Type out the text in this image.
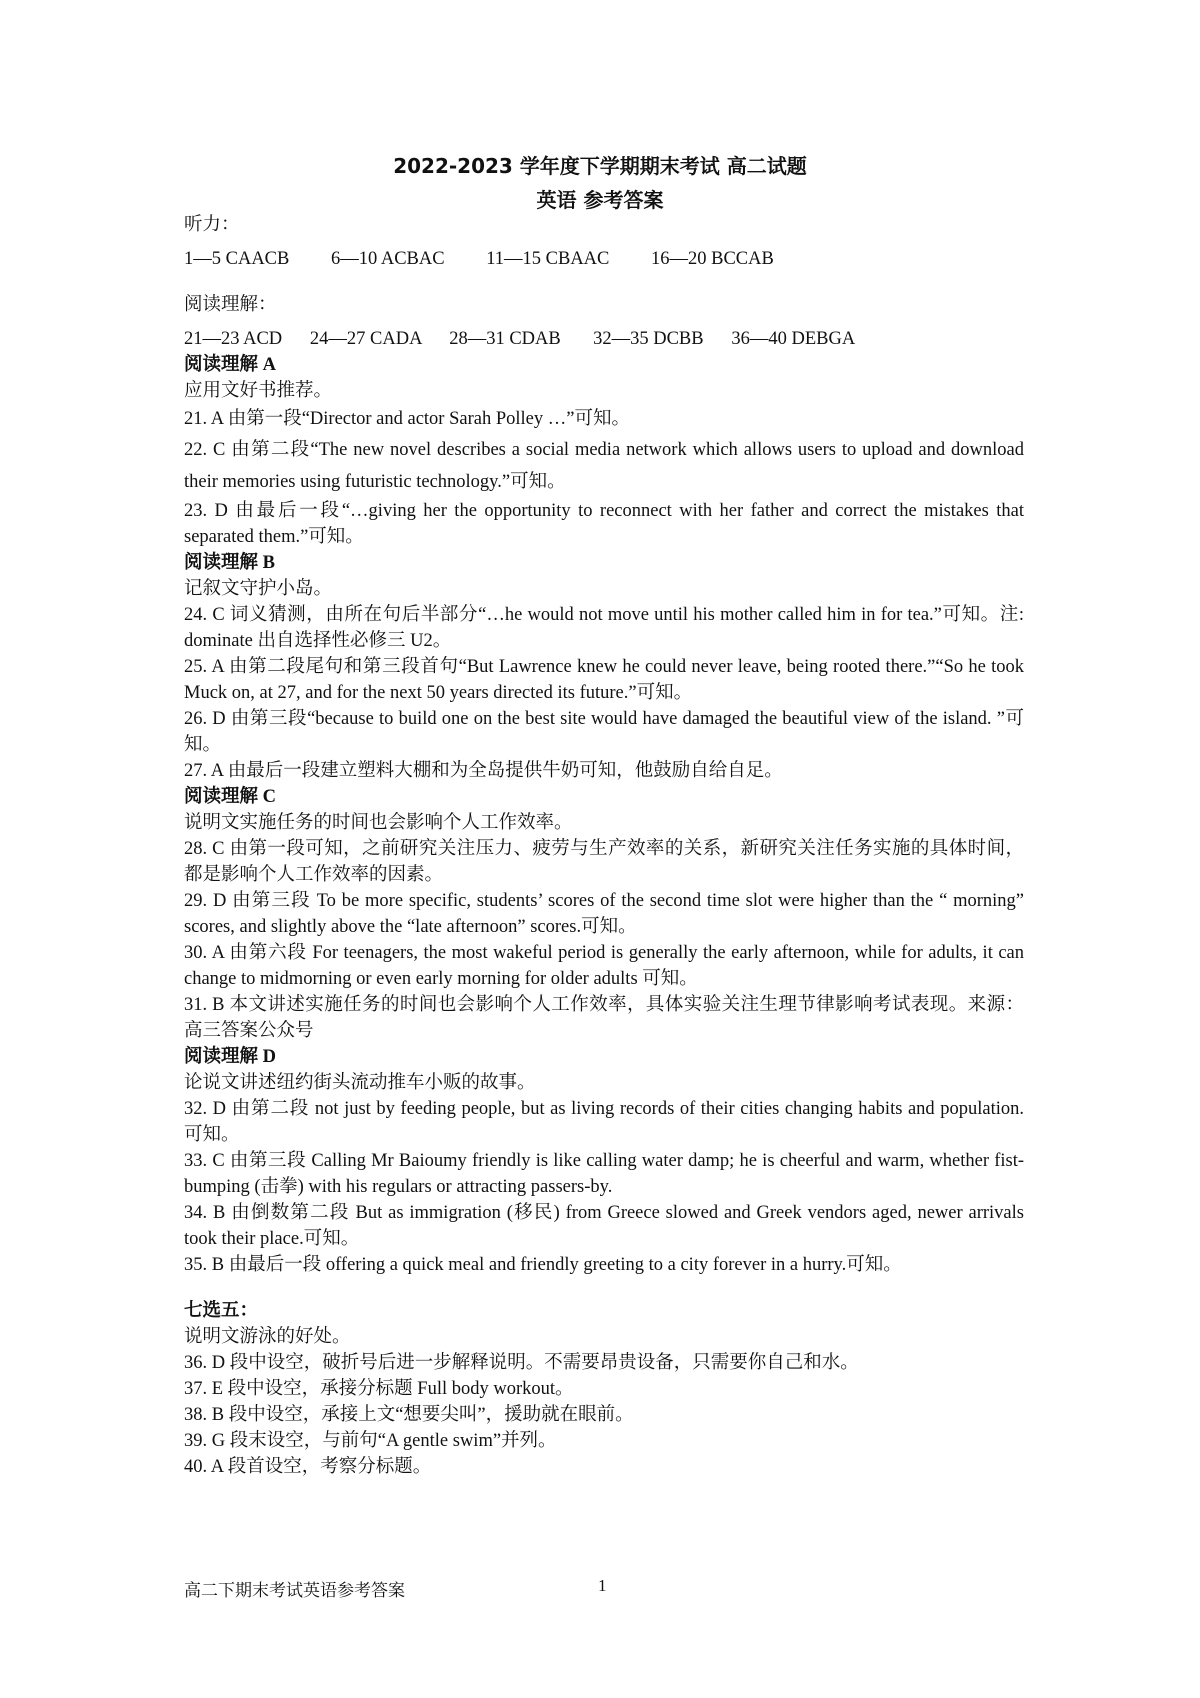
2022-2023 学年度下学期期末考试 高二试题
英语 参考答案

听力：

1—5 CAACB         6—10 ACBAC         11—15 CBAAC         16—20 BCCAB

阅读理解：

21—23 ACD      24—27 CADA      28—31 CDAB       32—35 DCBB      36—40 DEBGA

阅读理解 A

应用文好书推荐。

21. A 由第一段“Director and actor Sarah Polley …”可知。

22. C 由第二段“The new novel describes a social media network which allows users to upload and download their memories using futuristic technology.”可知。

23. D 由最后一段“…giving her the opportunity to reconnect with her father and correct the mistakes that separated them.”可知。

阅读理解 B

记叙文守护小岛。

24. C 词义猜测，由所在句后半部分“…he would not move until his mother called him in for tea.”可知。注: dominate 出自选择性必修三 U2。

25. A 由第二段尾句和第三段首句“But Lawrence knew he could never leave, being rooted there.”“So he took Muck on, at 27, and for the next 50 years directed its future.”可知。

26. D 由第三段“because to build one on the best site would have damaged the beautiful view of the island. ”可知。

27. A 由最后一段建立塑料大棚和为全岛提供牛奶可知，他鼓励自给自足。

阅读理解 C

说明文实施任务的时间也会影响个人工作效率。

28. C 由第一段可知，之前研究关注压力、疲劳与生产效率的关系，新研究关注任务实施的具体时间，都是影响个人工作效率的因素。

29. D 由第三段 To be more specific, students’ scores of the second time slot were higher than the “ morning” scores, and slightly above the “late afternoon” scores.可知。

30. A 由第六段 For teenagers, the most wakeful period is generally the early afternoon, while for adults, it can change to midmorning or even early morning for older adults 可知。

31. B 本文讲述实施任务的时间也会影响个人工作效率，具体实验关注生理节律影响考试表现。来源：高三答案公众号

阅读理解 D

论说文讲述纽约街头流动推车小贩的故事。

32. D 由第二段 not just by feeding people, but as living records of their cities changing habits and population. 可知。

33. C 由第三段 Calling Mr Baioumy friendly is like calling water damp; he is cheerful and warm, whether fist-bumping (击拳) with his regulars or attracting passers-by.

34. B 由倒数第二段 But as immigration (移民) from Greece slowed and Greek vendors aged, newer arrivals took their place.可知。

35. B 由最后一段 offering a quick meal and friendly greeting to a city forever in a hurry.可知。

七选五：

说明文游泳的好处。

36. D 段中设空，破折号后进一步解释说明。不需要昂贵设备，只需要你自己和水。

37. E 段中设空，承接分标题 Full body workout。

38. B 段中设空，承接上文“想要尖叫”，援助就在眼前。

39. G 段末设空，与前句“A gentle swim”并列。

40. A 段首设空，考察分标题。

高二下期末考试英语参考答案	1
